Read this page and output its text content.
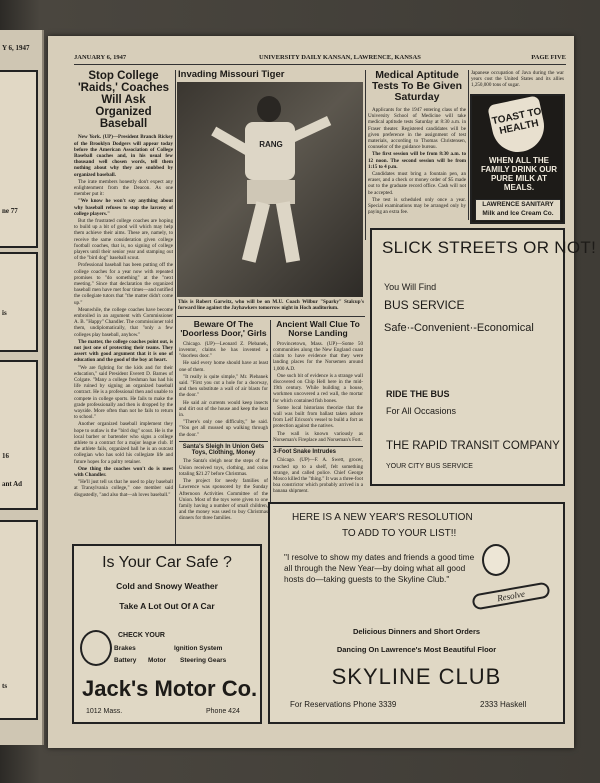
Y 6, 1947
ne 77
is
16
ant Ad
ts
JANUARY 6, 1947	UNIVERSITY DAILY KANSAN, LAWRENCE, KANSAS	PAGE FIVE
Stop College 'Raids,' Coaches Will Ask Organized Baseball

New York. (UP)—President Branch Rickey of the Brooklyn Dodgers will appear today before the American Association of College Baseball coaches and, in his usual few thousand well chosen words, tell them nothing about why they are snubbed by organized baseball.

The irate members honestly don't expect any enlightenment from the Deacon. As one member put it:

"We know he won't say anything about why baseball refuses to stop the larceny of college players."

But the frustrated college coaches are hoping to build up a bit of good will which may help them achieve their aims. These are, namely, to receive the same consideration given college football coaches, that is, no signing of college players until their senior year and stamping out of the "bird dog" baseball scout.

Professional baseball has been putting off the college coaches for a year now with repeated promises to "do something" at the "next meeting." Since that declaration the organized baseball men have met four times—and notified the collegiate tutors that "the matter didn't come up."

Meanwhile, the college coaches have become embroiled in an argument with Commissioner A. B. "Happy" Chandler. The commissioner told them, undiplomatically, that "only a few colleges play baseball, anyhow."

The matter, the college coaches point out, is not just one of protecting their teams. They assert with good argument that it is one of education and the good of the boy at heart.

"We are fighting for the kids and for their education," said President Everett D. Barnes of Colgate. "Many a college freshman has had his life ruined by signing an organized baseball contract. He is a professional then and unable to compete in college sports. He fails to make the grade professionally and then is dropped by the wayside. More often than not he fails to return to school."

Another organized baseball implement they hope to outlaw is the "bird dog" scout. He is the local barber or bartender who signs a college athlete to a contract for a major league club. If the athlete fails, organized ball he is an outcast collegian who has sold his collegiate life and future hopes for a paltry retainer.

One thing the coaches won't do is meet with Chandler.

"He'll just tell us that he used to play baseball at Transylvania college," one member said disgustedly, "and also that—ah loves baseball."

Invading Missouri Tiger
RANG
This is Robert Garwitz, who will be on M.U. Coach Wilbur "Sparky" Stalcup's forward line against the Jayhawkers tomorrow night in Hoch auditorium.
Beware Of The 'Doorless Door,' Girls

Chicago. (UP)—Leonard Z. Plebanek, inventor, claims he has invented a "doorless door."

He said every home should have at least one of them.

"It really is quite simple," Mr. Plebanek said. "First you cut a hole for a doorway, and then substitute a wall of air blasts for the door."

He said air currents would keep insects and dirt out of the house and keep the heat in.

"There's only one difficulty," he said. "You get all mussed up walking through the door."

Santa's Sleigh In Union Gets Toys, Clothing, Money

The Santa's sleigh near the steps of the Union received toys, clothing, and coins totaling $21.27 before Christmas.

The project for needy families of Lawrence was sponsored by the Sunday Afternoon Activities Committee of the Union. Most of the toys were given to one family having a number of small children, and the money was used to buy Christmas dinners for three families.

Ancient Wall Clue To Norse Landing

Provincetown, Mass. (UP)—Some 50 communities along the New England coast claim to have evidence that they were landing places for the Norsemen around 1,000 A.D.

One such bit of evidence is a strange wall discovered on Chip Hell here in the mid-19th century. While building a house, workmen uncovered a red wall, the mortar for which contained fish bones.

Some local historians theorize that the wall was built from ballast taken ashore from Leif Ericson's vessel to build a fort as protection against the natives.

The wall is known variously as Norseman's Fireplace and Norseman's Fort.

3-Foot Snake Intrudes

Chicago. (UP)—F. A. Swett, grocer, reached up to a shelf, felt something strange, and called police. Chief George Mosco killed the "thing." It was a three-foot boa constrictor which probably arrived in a banana shipment.

Medical Aptitude Tests To Be Given Saturday

Applicants for the 1947 entering class of the University School of Medicine will take medical aptitude tests Saturday at 8:30 a.m. in Fraser theater. Registered candidates will be given preference in the assignment of test materials, according to Thomas Christensen, counselor of the guidance bureau.

The first session will be from 8:30 a.m. to 12 noon. The second session will be from 1:15 to 4 p.m.

Candidates must bring a fountain pen, an eraser, and a check or money order of $5 made out to the graduate record office. Cash will not be accepted.

The test is scheduled only once a year. Special examinations may be arranged only by paying an extra fee.

Japanese occupation of Java during the war years cost the United States and its allies 1,250,000 tons of sugar.
TOAST TO HEALTH
WHEN ALL THE FAMILY DRINK OUR PURE MILK AT MEALS.
LAWRENCE SANITARY
Milk and Ice Cream Co.
SLICK STREETS OR NOT!
You Will Find
BUS SERVICE
Safe·-Convenient·-Economical
RIDE THE BUS
For All Occasions
THE RAPID TRANSIT COMPANY
YOUR CITY BUS SERVICE
Is Your Car Safe ?
Cold and Snowy Weather
Take A Lot Out Of A Car
CHECK YOUR
Brakes	Ignition System
Battery Motor Steering Gears
Jack's Motor Co.
1012 Mass.	Phone 424
HERE IS A NEW YEAR'S RESOLUTION
TO ADD TO YOUR LIST!!
"I resolve to show my dates and friends a good time all through the New Year—by doing what all good hosts do—taking guests to the Skyline Club."
Resolve
Delicious Dinners and Short Orders
Dancing On Lawrence's Most Beautiful Floor
SKYLINE CLUB
For Reservations Phone 3339	2333 Haskell
